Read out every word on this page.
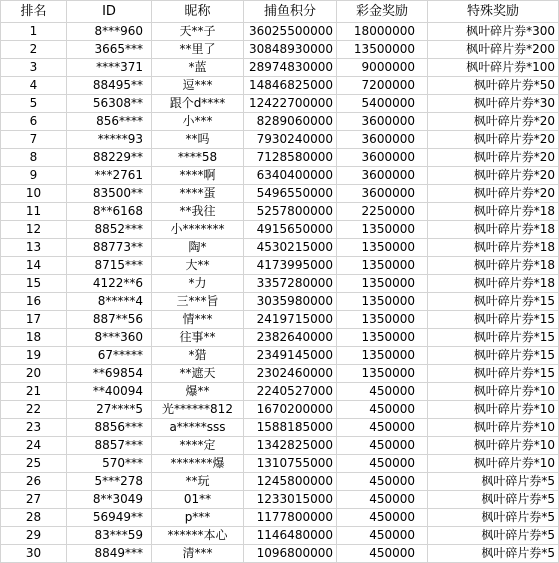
排名	ID	昵称	捕鱼积分	彩金奖励	特殊奖励
1	8***960	天**子	36025500000	18000000	枫叶碎片券*300
2	3665***	**里了	30848930000	13500000	枫叶碎片券*200
3	****371	*蓝	28974830000	9000000	枫叶碎片券*100
4	88495**	逗***	14846825000	7200000	枫叶碎片券*50
5	56308**	跟个d****	12422700000	5400000	枫叶碎片券*30
6	856****	小***	8289060000	3600000	枫叶碎片券*20
7	*****93	**吗	7930240000	3600000	枫叶碎片券*20
8	88229**	****58	7128580000	3600000	枫叶碎片券*20
9	***2761	****啊	6340400000	3600000	枫叶碎片券*20
10	83500**	****蛋	5496550000	3600000	枫叶碎片券*20
11	8**6168	**我往	5257800000	2250000	枫叶碎片券*18
12	8852***	小*******	4915650000	1350000	枫叶碎片券*18
13	88773**	陶*	4530215000	1350000	枫叶碎片券*18
14	8715***	大**	4173995000	1350000	枫叶碎片券*18
15	4122**6	*力	3357280000	1350000	枫叶碎片券*18
16	8*****4	三***旨	3035980000	1350000	枫叶碎片券*15
17	887**56	情***	2419715000	1350000	枫叶碎片券*15
18	8***360	往事**	2382640000	1350000	枫叶碎片券*15
19	67*****	*猎	2349145000	1350000	枫叶碎片券*15
20	**69854	**遮天	2302460000	1350000	枫叶碎片券*15
21	**40094	爆**	2240527000	450000	枫叶碎片券*10
22	27****5	光******812	1670200000	450000	枫叶碎片券*10
23	8856***	a*****sss	1588185000	450000	枫叶碎片券*10
24	8857***	****定	1342825000	450000	枫叶碎片券*10
25	570***	*******爆	1310755000	450000	枫叶碎片券*10
26	5***278	**玩	1245800000	450000	枫叶碎片券*5
27	8**3049	01**	1233015000	450000	枫叶碎片券*5
28	56949**	p***	1177800000	450000	枫叶碎片券*5
29	83***59	******本心	1146480000	450000	枫叶碎片券*5
30	8849***	清***	1096800000	450000	枫叶碎片券*5
